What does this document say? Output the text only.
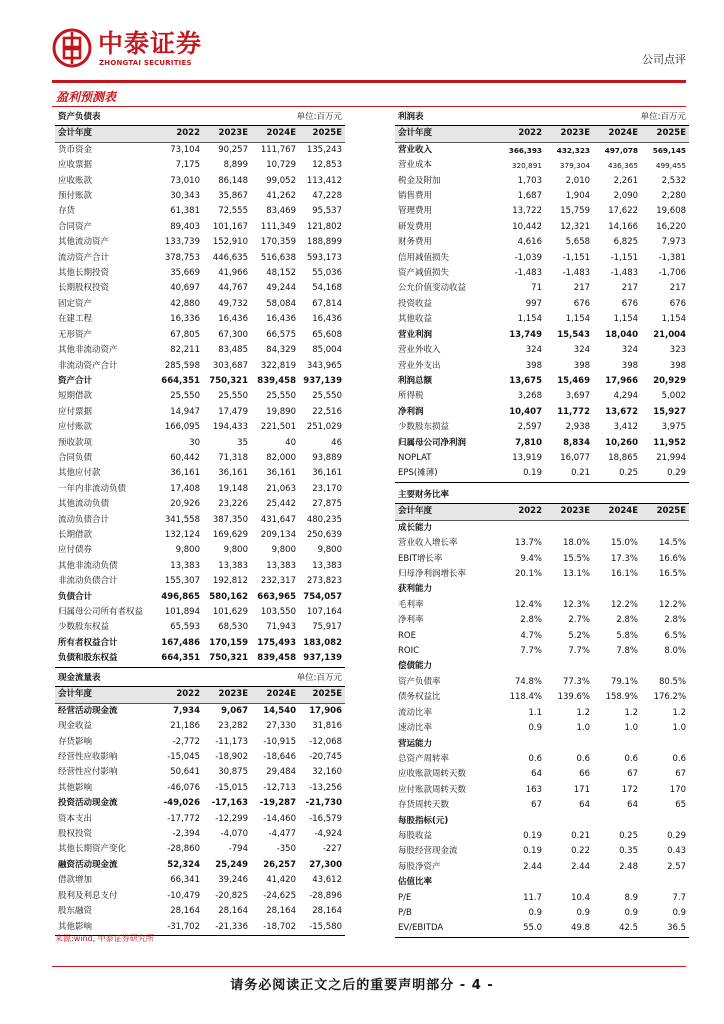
中泰证券
ZHONGTAI SECURITIES	公司点评
盈利预测表
资产负债表			单位:百万元	
会计年度	2022	2023E	2024E	2025E
货币资金	73,104	90,257	111,767	135,243
应收票据	7,175	8,899	10,729	12,853
应收账款	73,010	86,148	99,052	113,412
预付账款	30,343	35,867	41,262	47,228
存货	61,381	72,555	83,469	95,537
合同资产	89,403	101,167	111,349	121,802
其他流动资产	133,739	152,910	170,359	188,899
流动资产合计	378,753	446,635	516,638	593,173
其他长期投资	35,669	41,966	48,152	55,036
长期股权投资	40,697	44,767	49,244	54,168
固定资产	42,880	49,732	58,084	67,814
在建工程	16,336	16,436	16,436	16,436
无形资产	67,805	67,300	66,575	65,608
其他非流动资产	82,211	83,485	84,329	85,004
非流动资产合计	285,598	303,687	322,819	343,965
资产合计	664,351	750,321	839,458	937,139
短期借款	25,550	25,550	25,550	25,550
应付票据	14,947	17,479	19,890	22,516
应付账款	166,095	194,433	221,501	251,029
预收款项	30	35	40	46
合同负债	60,442	71,318	82,000	93,889
其他应付款	36,161	36,161	36,161	36,161
一年内非流动负债	17,408	19,148	21,063	23,170
其他流动负债	20,926	23,226	25,442	27,875
流动负债合计	341,558	387,350	431,647	480,235
长期借款	132,124	169,629	209,134	250,639
应付债券	9,800	9,800	9,800	9,800
其他非流动负债	13,383	13,383	13,383	13,383
非流动负债合计	155,307	192,812	232,317	273,823
负债合计	496,865	580,162	663,965	754,057
归属母公司所有者权益	101,894	101,629	103,550	107,164
少数股东权益	65,593	68,530	71,943	75,917
所有者权益合计	167,486	170,159	175,493	183,082
负债和股东权益	664,351	750,321	839,458	937,139
现金流量表			单位:百万元	
会计年度	2022	2023E	2024E	2025E
经营活动现金流	7,934	9,067	14,540	17,906
现金收益	21,186	23,282	27,330	31,816
存货影响	-2,772	-11,173	-10,915	-12,068
经营性应收影响	-15,045	-18,902	-18,646	-20,745
经营性应付影响	50,641	30,875	29,484	32,160
其他影响	-46,076	-15,015	-12,713	-13,256
投资活动现金流	-49,026	-17,163	-19,287	-21,730
资本支出	-17,772	-12,299	-14,460	-16,579
股权投资	-2,394	-4,070	-4,477	-4,924
其他长期资产变化	-28,860	-794	-350	-227
融资活动现金流	52,324	25,249	26,257	27,300
借款增加	66,341	39,246	41,420	43,612
股利及利息支付	-10,479	-20,825	-24,625	-28,896
股东融资	28,164	28,164	28,164	28,164
其他影响	-31,702	-21,336	-18,702	-15,580
利润表			单位:百万元	
会计年度	2022	2023E	2024E	2025E
营业收入	366,393	432,323	497,078	569,145
营业成本	320,891	379,304	436,365	499,455
税金及附加	1,703	2,010	2,261	2,532
销售费用	1,687	1,904	2,090	2,280
管理费用	13,722	15,759	17,622	19,608
研发费用	10,442	12,321	14,166	16,220
财务费用	4,616	5,658	6,825	7,973
信用减值损失	-1,039	-1,151	-1,151	-1,381
资产减值损失	-1,483	-1,483	-1,483	-1,706
公允价值变动收益	71	217	217	217
投资收益	997	676	676	676
其他收益	1,154	1,154	1,154	1,154
营业利润	13,749	15,543	18,040	21,004
营业外收入	324	324	324	323
营业外支出	398	398	398	398
利润总额	13,675	15,469	17,966	20,929
所得税	3,268	3,697	4,294	5,002
净利润	10,407	11,772	13,672	15,927
少数股东损益	2,597	2,938	3,412	3,975
归属母公司净利润	7,810	8,834	10,260	11,952
NOPLAT	13,919	16,077	18,865	21,994
EPS(摊薄)	0.19	0.21	0.25	0.29
主要财务比率				
会计年度	2022	2023E	2024E	2025E
成长能力				
营业收入增长率	13.7%	18.0%	15.0%	14.5%
EBIT增长率	9.4%	15.5%	17.3%	16.6%
归母净利润增长率	20.1%	13.1%	16.1%	16.5%
获利能力				
毛利率	12.4%	12.3%	12.2%	12.2%
净利率	2.8%	2.7%	2.8%	2.8%
ROE	4.7%	5.2%	5.8%	6.5%
ROIC	7.7%	7.7%	7.8%	8.0%
偿债能力				
资产负债率	74.8%	77.3%	79.1%	80.5%
债务权益比	118.4%	139.6%	158.9%	176.2%
流动比率	1.1	1.2	1.2	1.2
速动比率	0.9	1.0	1.0	1.0
营运能力				
总资产周转率	0.6	0.6	0.6	0.6
应收账款周转天数	64	66	67	67
应付账款周转天数	163	171	172	170
存货周转天数	67	64	64	65
每股指标(元)				
每股收益	0.19	0.21	0.25	0.29
每股经营现金流	0.19	0.22	0.35	0.43
每股净资产	2.44	2.44	2.48	2.57
估值比率				
P/E	11.7	10.4	8.9	7.7
P/B	0.9	0.9	0.9	0.9
EV/EBITDA	55.0	49.8	42.5	36.5
来源:wind, 中泰证券研究所
请务必阅读正文之后的重要声明部分 - 4 -
